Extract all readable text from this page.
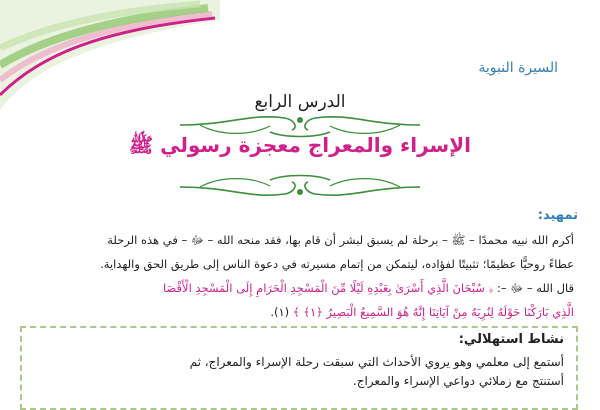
السيرة النبوية
الدرس الرابع
الإسراء والمعراج معجزة رسولي ﷺ
تمهيد:
أكرم الله نبيه محمدًا – ﷺ – برحلة لم يسبق لبشر أن قام بها، فقد منحه الله – ﷻ – في هذه الرحلة
عطاءً روحيًّا عظيمًا؛ تثبيتًا لفؤاده، ليتمكن من إتمام مسيرته في دعوة الناس إلى طريق الحق والهداية.
قال الله – ﷻ –: ﴿ سُبْحَانَ الَّذِي أَسْرَىٰ بِعَبْدِهِ لَيْلًا مِّنَ الْمَسْجِدِ الْحَرَامِ إِلَى الْمَسْجِدِ الْأَقْصَا
الَّذِي بَارَكْنَا حَوْلَهُ لِنُرِيَهُ مِنْ آيَاتِنَا إِنَّهُ هُوَ السَّمِيعُ الْبَصِيرُ ﴿١﴾ ﴾ (١).
نشاط استهلالي:
أستمع إلى معلمي وهو يروي الأحداث التي سبقت رحلة الإسراء والمعراج، ثم
أستنتج مع زملائي دواعي الإسراء والمعراج.
